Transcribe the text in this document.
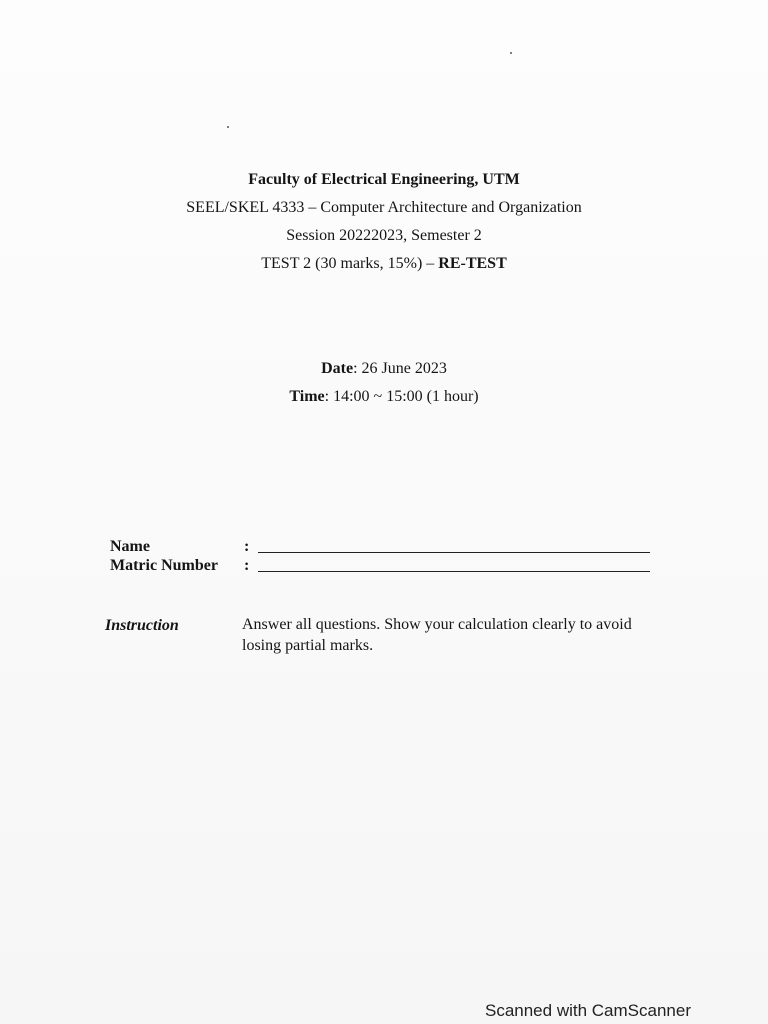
Faculty of Electrical Engineering, UTM
SEEL/SKEL 4333 – Computer Architecture and Organization
Session 20222023, Semester 2
TEST 2 (30 marks, 15%) – RE-TEST
Date: 26 June 2023
Time: 14:00 ~ 15:00 (1 hour)
Name	:
Matric Number :
Instruction	Answer all questions. Show your calculation clearly to avoid losing partial marks.
Scanned with CamScanner
